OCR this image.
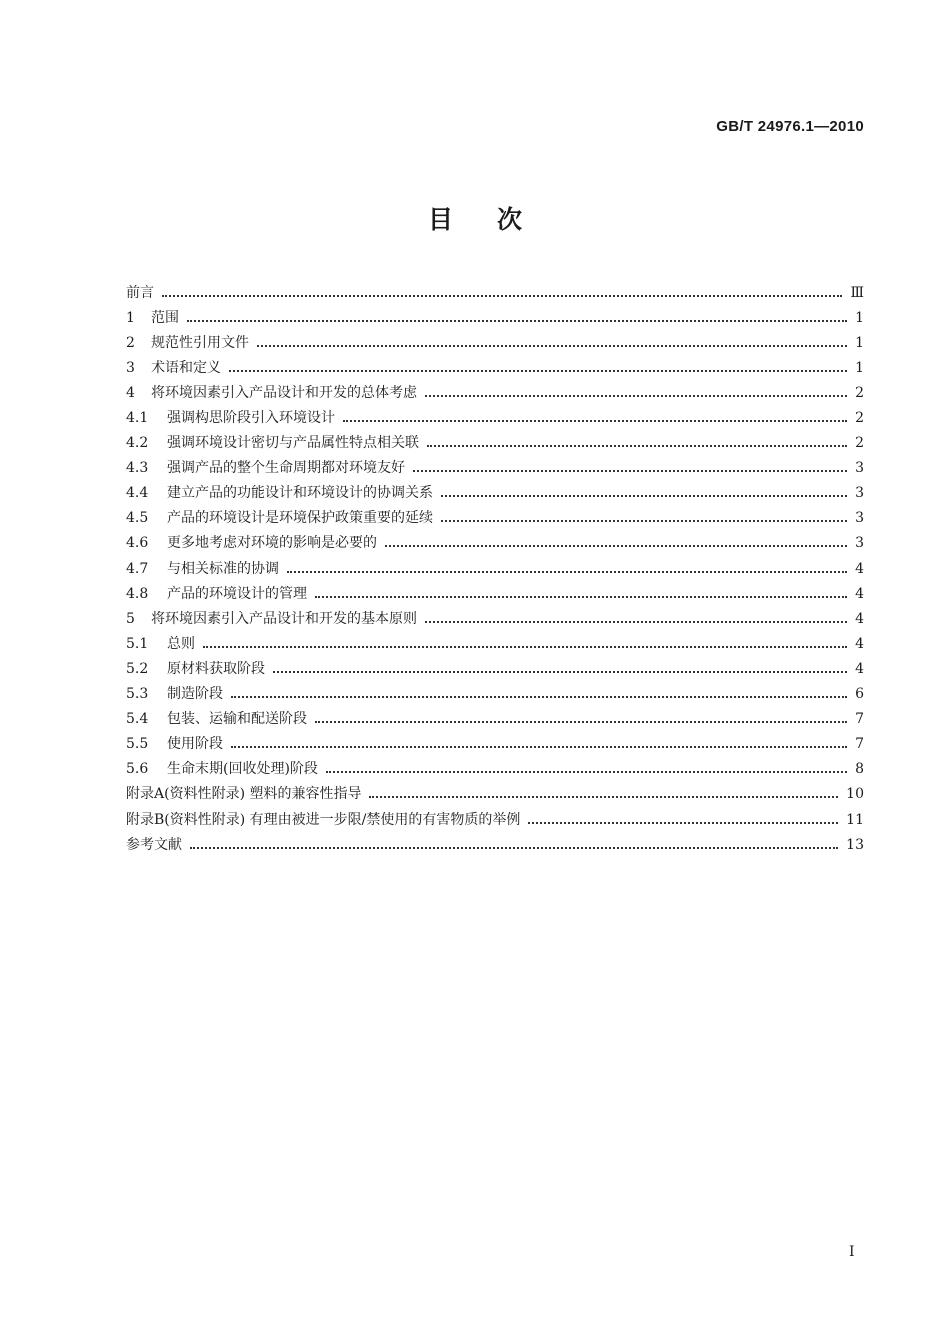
GB/T 24976.1—2010
目次
前言	Ⅲ
1	范围	1
2	规范性引用文件	1
3	术语和定义	1
4	将环境因素引入产品设计和开发的总体考虑	2
4.1	强调构思阶段引入环境设计	2
4.2	强调环境设计密切与产品属性特点相关联	2
4.3	强调产品的整个生命周期都对环境友好	3
4.4	建立产品的功能设计和环境设计的协调关系	3
4.5	产品的环境设计是环境保护政策重要的延续	3
4.6	更多地考虑对环境的影响是必要的	3
4.7	与相关标准的协调	4
4.8	产品的环境设计的管理	4
5	将环境因素引入产品设计和开发的基本原则	4
5.1	总则	4
5.2	原材料获取阶段	4
5.3	制造阶段	6
5.4	包装、运输和配送阶段	7
5.5	使用阶段	7
5.6	生命末期(回收处理)阶段	8
附录A(资料性附录) 塑料的兼容性指导	10
附录B(资料性附录) 有理由被进一步限/禁使用的有害物质的举例	11
参考文献	13
I
